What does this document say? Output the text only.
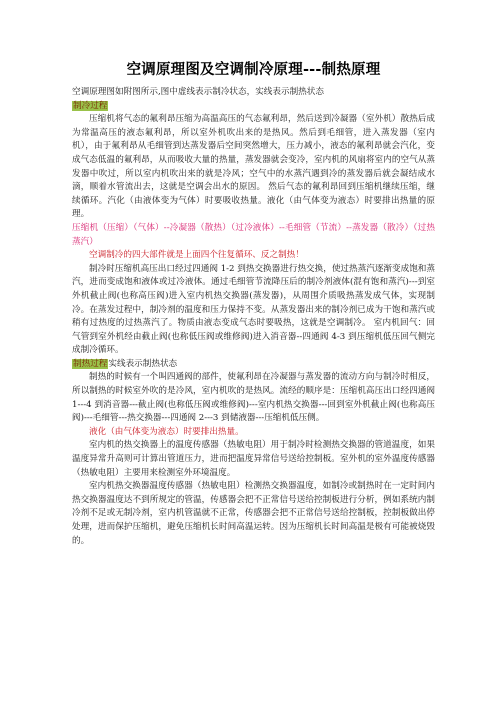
空调原理图及空调制冷原理---制热原理

空调原理图如附图所示,图中虚线表示制冷状态，实线表示制热状态

制冷过程

压缩机将气态的氟利昂压缩为高温高压的气态氟利昂，然后送到冷凝器（室外机）散热后成为常温高压的液态氟利昂，所以室外机吹出来的是热风。然后到毛细管，进入蒸发器（室内机），由于氟利昂从毛细管到达蒸发器后空间突然增大，压力减小，液态的氟利昂就会汽化，变成气态低温的氟利昂，从而吸收大量的热量，蒸发器就会变冷，室内机的风扇将室内的空气从蒸发器中吹过，所以室内机吹出来的就是冷风；空气中的水蒸汽遇到冷的蒸发器后就会凝结成水滴，顺着水管流出去，这就是空调会出水的原因。 然后气态的氟利昂回到压缩机继续压缩，继续循环。汽化（由液体变为气体）时要吸收热量。液化（由气体变为液态）时要排出热量的原理。

压缩机（压缩）（气体）--冷凝器（散热）（过冷液体）--毛细管（节流）--蒸发器（散冷）（过热蒸汽）

空调制冷的四大部件就是上面四个往复循环、反之制热！

制冷时压缩机高压出口经过四通阀 1-2 到热交换器进行热交换，使过热蒸汽逐渐变成饱和蒸汽，进而变成饱和液体或过冷液体。通过毛细管节流降压后的制冷剂液体(混有饱和蒸汽)---到室外机截止阀(也称高压阀)进入室内机热交换器(蒸发器)，从周围介质吸热蒸发成气体，实现制冷。在蒸发过程中，制冷剂的温度和压力保持不变。从蒸发器出来的制冷剂已成为干饱和蒸汽或稍有过热度的过热蒸汽了。物质由液态变成气态时要吸热，这就是空调制冷。 室内机回气：回气管到室外机经由截止阀(也称低压阀或维修阀)进入消音器--四通阀 4-3 到压缩机低压回气侧完成制冷循环。

制热过程实线表示制热状态

制热的时候有一个叫四通阀的部件，使氟利昂在冷凝器与蒸发器的流动方向与制冷时相反，所以制热的时候室外吹的是冷风，室内机吹的是热风。流经的顺序是：压缩机高压出口经四通阀 1---4 到消音器---截止阀(也称低压阀或维修阀)---室内机热交换器---回到室外机截止阀(也称高压阀)---毛细管---热交换器---四通阀 2---3 到储液器---压缩机低压侧。

液化（由气体变为液态）时要排出热量。

室内机的热交换器上的温度传感器（热敏电阻）用于制冷时检测热交换器的管道温度，如果温度异常升高则可计算出管道压力，进而把温度异常信号送给控制板。室外机的室外温度传感器（热敏电阻）主要用来检测室外环境温度。

室内机热交换器温度传感器（热敏电阻）检测热交换器温度，如制冷或制热时在一定时间内热交换器温度达不到所规定的管温，传感器会把不正常信号送给控制板进行分析，例如系统内制冷剂不足或无制冷剂，室内机管温就不正常，传感器会把不正常信号送给控制板，控制板做出停处理，进而保护压缩机，避免压缩机长时间高温运转。因为压缩机长时间高温是极有可能被烧毁的。
